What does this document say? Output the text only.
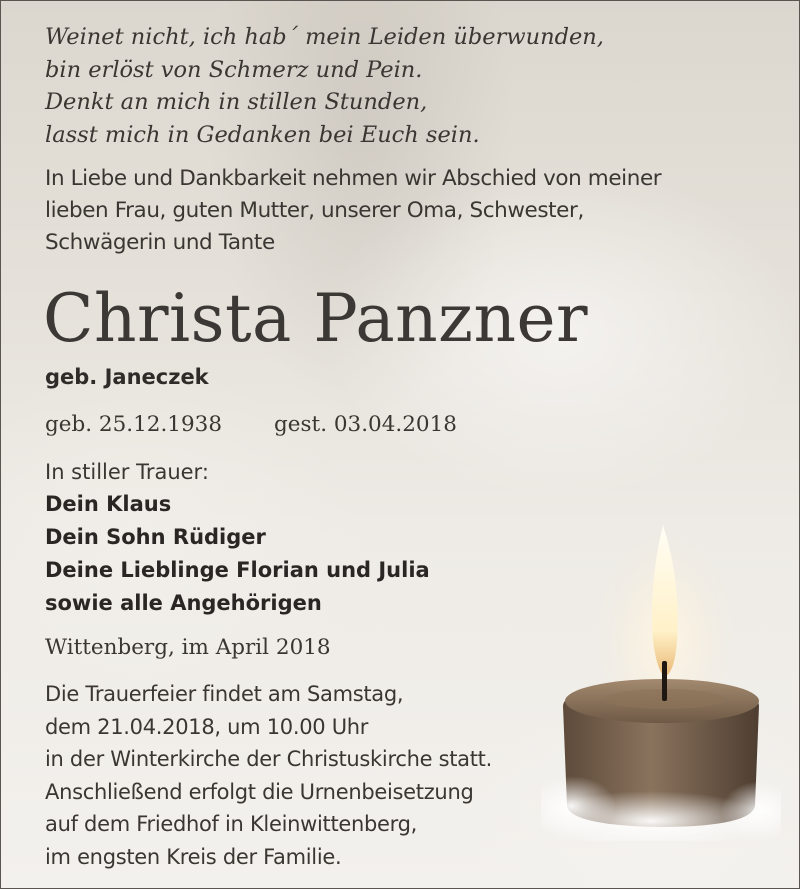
Weinet nicht, ich hab´ mein Leiden überwunden,
bin erlöst von Schmerz und Pein.
Denkt an mich in stillen Stunden,
lasst mich in Gedanken bei Euch sein.
In Liebe und Dankbarkeit nehmen wir Abschied von meiner
lieben Frau, guten Mutter, unserer Oma, Schwester,
Schwägerin und Tante
Christa Panzner
geb. Janeczek
geb. 25.12.1938 gest. 03.04.2018
In stiller Trauer:
Dein Klaus
Dein Sohn Rüdiger
Deine Lieblinge Florian und Julia
sowie alle Angehörigen
Wittenberg, im April 2018
Die Trauerfeier findet am Samstag,
dem 21.04.2018, um 10.00 Uhr
in der Winterkirche der Christuskirche statt.
Anschließend erfolgt die Urnenbeisetzung
auf dem Friedhof in Kleinwittenberg,
im engsten Kreis der Familie.
